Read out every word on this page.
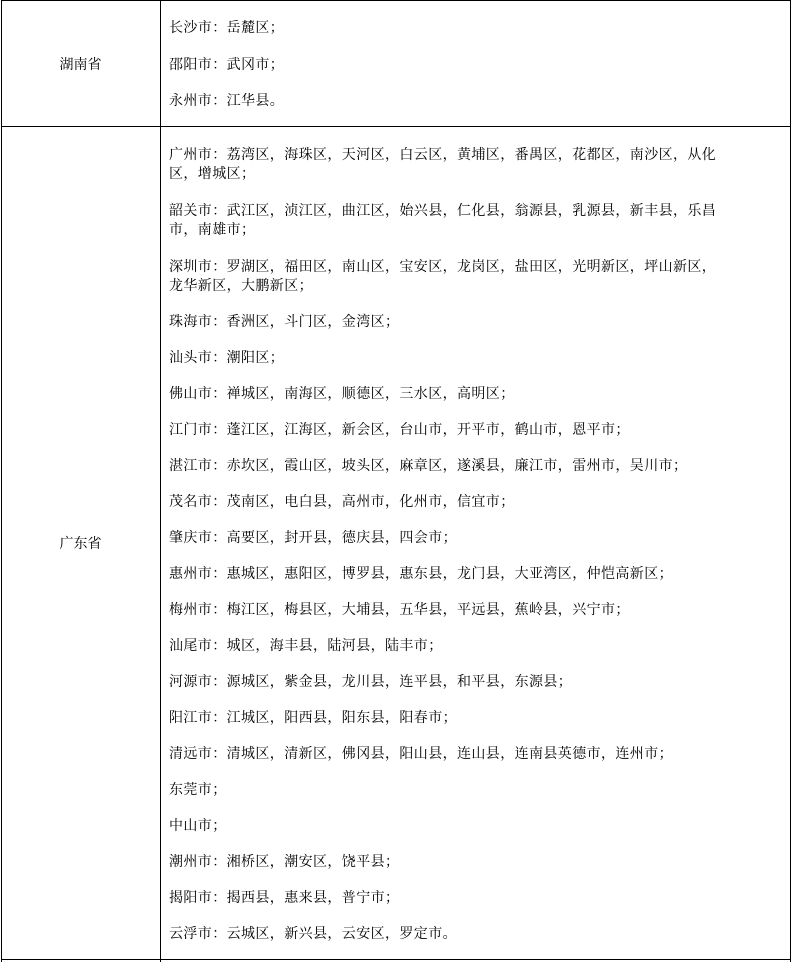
湖南省
长沙市：岳麓区；
邵阳市：武冈市；
永州市：江华县。
广东省
广州市：荔湾区，海珠区，天河区，白云区，黄埔区，番禺区，花都区，南沙区，从化
区，增城区；
韶关市：武江区，浈江区，曲江区，始兴县，仁化县，翁源县，乳源县，新丰县，乐昌
市，南雄市；
深圳市：罗湖区，福田区，南山区，宝安区，龙岗区，盐田区，光明新区，坪山新区，
龙华新区，大鹏新区；
珠海市：香洲区，斗门区，金湾区；
汕头市：潮阳区；
佛山市：禅城区，南海区，顺德区，三水区，高明区；
江门市：蓬江区，江海区，新会区，台山市，开平市，鹤山市，恩平市；
湛江市：赤坎区，霞山区，坡头区，麻章区，遂溪县，廉江市，雷州市，吴川市；
茂名市：茂南区，电白县，高州市，化州市，信宜市；
肇庆市：高要区，封开县，德庆县，四会市；
惠州市：惠城区，惠阳区，博罗县，惠东县，龙门县，大亚湾区，仲恺高新区；
梅州市：梅江区，梅县区，大埔县，五华县，平远县，蕉岭县，兴宁市；
汕尾市：城区，海丰县，陆河县，陆丰市；
河源市：源城区，紫金县，龙川县，连平县，和平县，东源县；
阳江市：江城区，阳西县，阳东县，阳春市；
清远市：清城区，清新区，佛冈县，阳山县，连山县，连南县英德市，连州市；
东莞市；
中山市；
潮州市：湘桥区，潮安区，饶平县；
揭阳市：揭西县，惠来县，普宁市；
云浮市：云城区，新兴县，云安区，罗定市。
